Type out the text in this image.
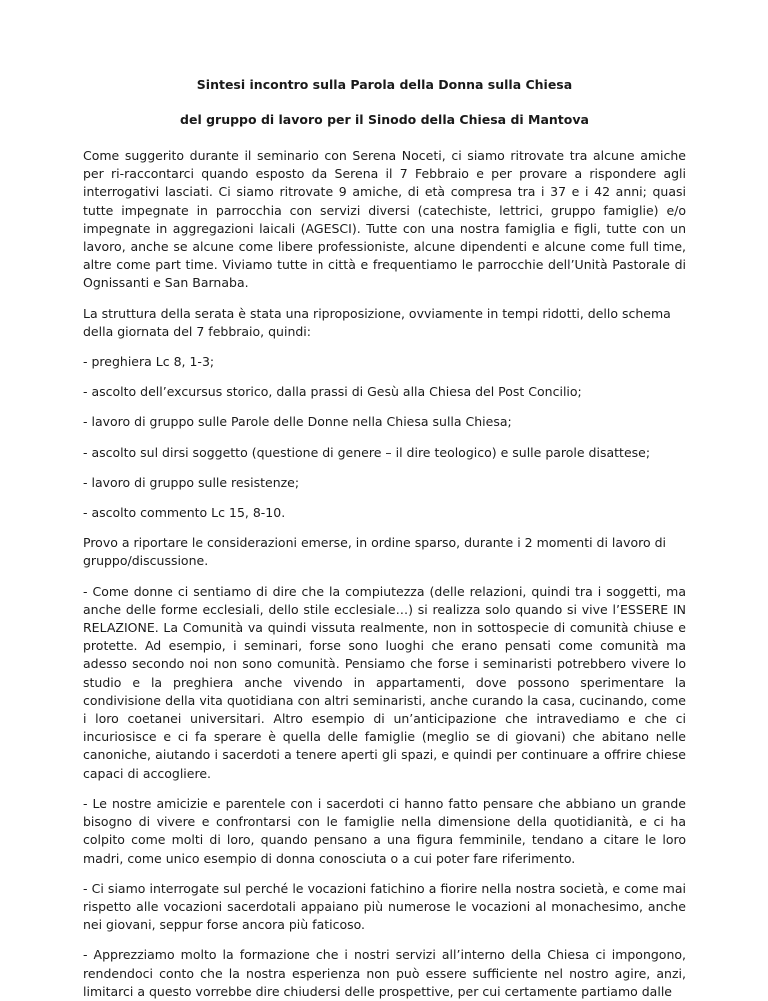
Sintesi incontro sulla Parola della Donna sulla Chiesa

del gruppo di lavoro per il Sinodo della Chiesa di Mantova

Come suggerito durante il seminario con Serena Noceti, ci siamo ritrovate tra alcune amiche per ri-raccontarci quando esposto da Serena il 7 Febbraio e per provare a rispondere agli interrogativi lasciati. Ci siamo ritrovate 9 amiche, di età compresa tra i 37 e i 42 anni; quasi tutte impegnate in parrocchia con servizi diversi (catechiste, lettrici, gruppo famiglie) e/o impegnate in aggregazioni laicali (AGESCI). Tutte con una nostra famiglia e figli, tutte con un lavoro, anche se alcune come libere professioniste, alcune dipendenti e alcune come full time, altre come part time. Viviamo tutte in città e frequentiamo le parrocchie dell’Unità Pastorale di Ognissanti e San Barnaba.

La struttura della serata è stata una riproposizione, ovviamente in tempi ridotti, dello schema della giornata del 7 febbraio, quindi:

- preghiera Lc 8, 1-3;

- ascolto dell’excursus storico, dalla prassi di Gesù alla Chiesa del Post Concilio;

- lavoro di gruppo sulle Parole delle Donne nella Chiesa sulla Chiesa;

- ascolto sul dirsi soggetto (questione di genere – il dire teologico) e sulle parole disattese;

- lavoro di gruppo sulle resistenze;

- ascolto commento Lc 15, 8-10.

Provo a riportare le considerazioni emerse, in ordine sparso, durante i 2 momenti di lavoro di gruppo/discussione.

- Come donne ci sentiamo di dire che la compiutezza (delle relazioni, quindi tra i soggetti, ma anche delle forme ecclesiali, dello stile ecclesiale…) si realizza solo quando si vive l’ESSERE IN RELAZIONE. La Comunità va quindi vissuta realmente, non in sottospecie di comunità chiuse e protette. Ad esempio, i seminari, forse sono luoghi che erano pensati come comunità ma adesso secondo noi non sono comunità. Pensiamo che forse i seminaristi potrebbero vivere lo studio e la preghiera anche vivendo in appartamenti, dove possono sperimentare la condivisione della vita quotidiana con altri seminaristi, anche curando la casa, cucinando, come i loro coetanei universitari. Altro esempio di un’anticipazione che intravediamo e che ci incuriosisce e ci fa sperare è quella delle famiglie (meglio se di giovani) che abitano nelle canoniche, aiutando i sacerdoti a tenere aperti gli spazi, e quindi per continuare a offrire chiese capaci di accogliere.

- Le nostre amicizie e parentele con i sacerdoti ci hanno fatto pensare che abbiano un grande bisogno di vivere e confrontarsi con le famiglie nella dimensione della quotidianità, e ci ha colpito come molti di loro, quando pensano a una figura femminile, tendano a citare le loro madri, come unico esempio di donna conosciuta o a cui poter fare riferimento.

- Ci siamo interrogate sul perché le vocazioni fatichino a fiorire nella nostra società, e come mai rispetto alle vocazioni sacerdotali appaiano più numerose le vocazioni al monachesimo, anche nei giovani, seppur forse ancora più faticoso.

- Apprezziamo molto la formazione che i nostri servizi all’interno della Chiesa ci impongono, rendendoci conto che la nostra esperienza non può essere sufficiente nel nostro agire, anzi, limitarci a questo vorrebbe dire chiudersi delle prospettive, per cui certamente partiamo dalle
